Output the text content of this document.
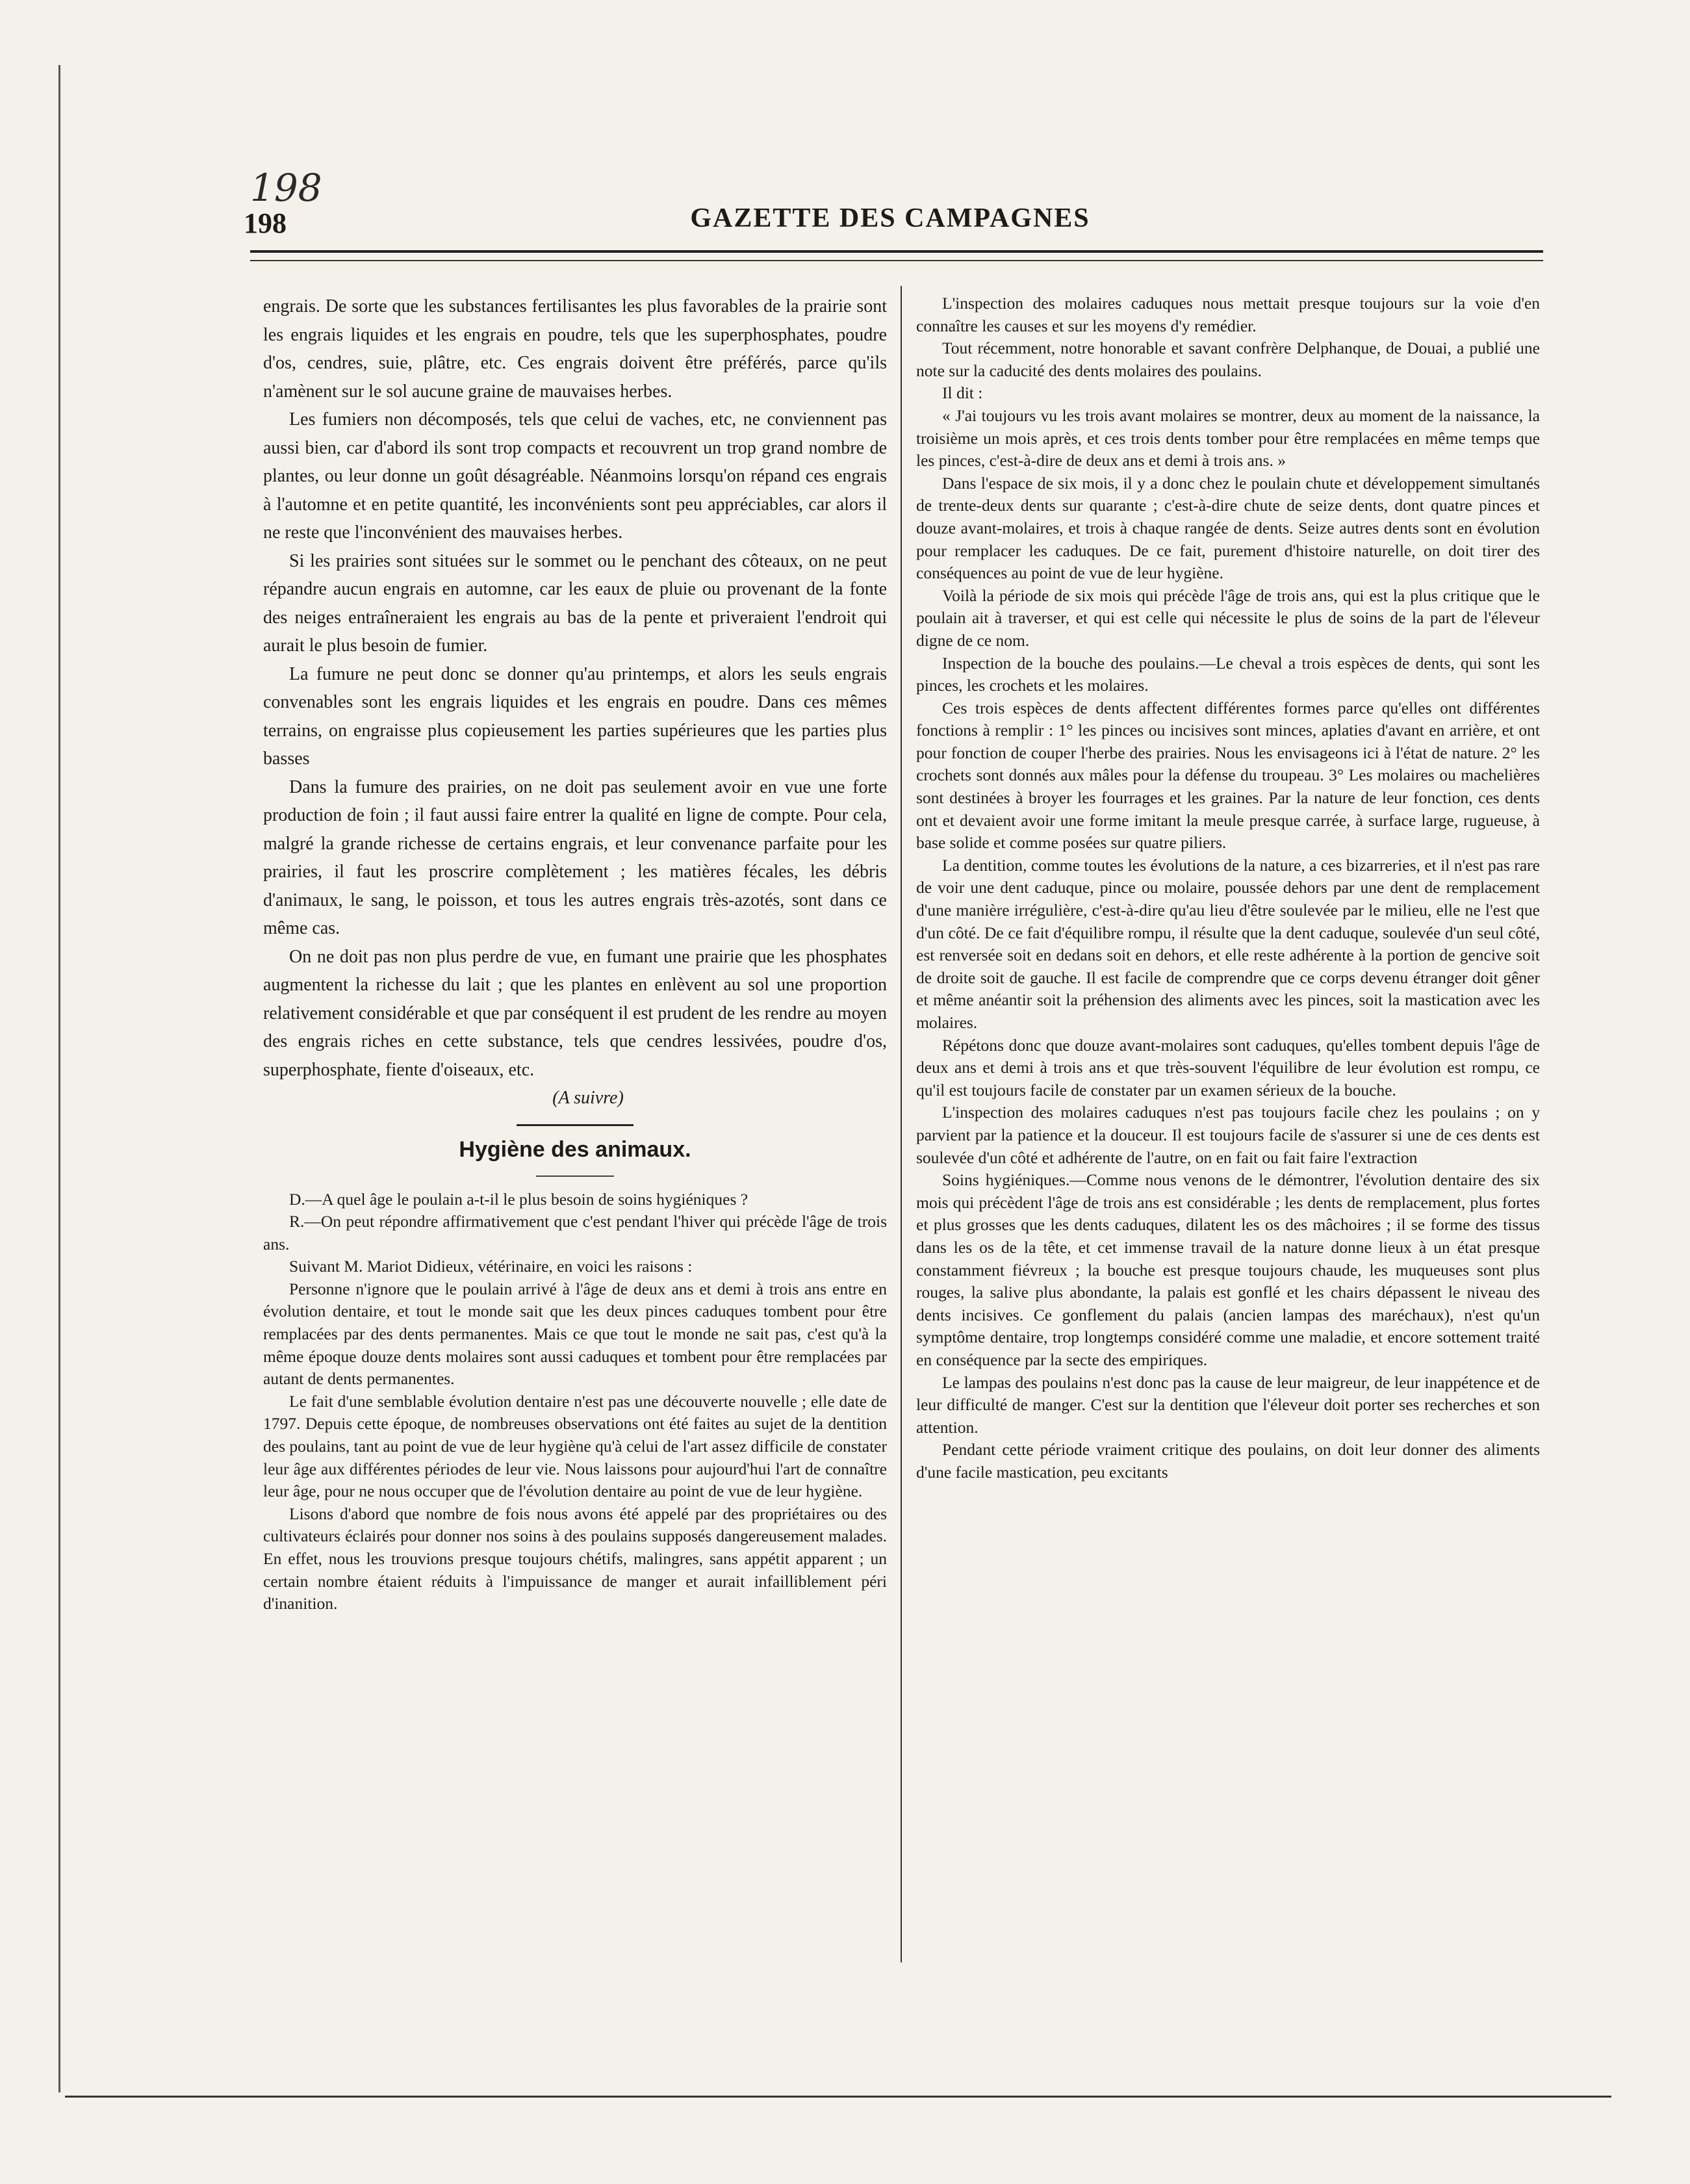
198
198	GAZETTE DES CAMPAGNES

engrais. De sorte que les substances fertilisantes les plus favorables de la prairie sont les engrais liquides et les engrais en poudre, tels que les superphosphates, poudre d'os, cendres, suie, plâtre, etc. Ces engrais doivent être préférés, parce qu'ils n'amènent sur le sol aucune graine de mauvaises herbes.

Les fumiers non décomposés, tels que celui de vaches, etc, ne conviennent pas aussi bien, car d'abord ils sont trop compacts et recouvrent un trop grand nombre de plantes, ou leur donne un goût désagréable. Néanmoins lorsqu'on répand ces engrais à l'automne et en petite quantité, les inconvénients sont peu appréciables, car alors il ne reste que l'inconvénient des mauvaises herbes.

Si les prairies sont situées sur le sommet ou le penchant des côteaux, on ne peut répandre aucun engrais en automne, car les eaux de pluie ou provenant de la fonte des neiges entraîneraient les engrais au bas de la pente et priveraient l'endroit qui aurait le plus besoin de fumier.

La fumure ne peut donc se donner qu'au printemps, et alors les seuls engrais convenables sont les engrais liquides et les engrais en poudre. Dans ces mêmes terrains, on engraisse plus copieusement les parties supérieures que les parties plus basses

Dans la fumure des prairies, on ne doit pas seulement avoir en vue une forte production de foin ; il faut aussi faire entrer la qualité en ligne de compte. Pour cela, malgré la grande richesse de certains engrais, et leur convenance parfaite pour les prairies, il faut les proscrire complètement ; les matières fécales, les débris d'animaux, le sang, le poisson, et tous les autres engrais très-azotés, sont dans ce même cas.

On ne doit pas non plus perdre de vue, en fumant une prairie que les phosphates augmentent la richesse du lait ; que les plantes en enlèvent au sol une proportion relativement considérable et que par conséquent il est prudent de les rendre au moyen des engrais riches en cette substance, tels que cendres lessivées, poudre d'os, superphosphate, fiente d'oiseaux, etc.

(A suivre)

Hygiène des animaux.

D.—A quel âge le poulain a-t-il le plus besoin de soins hygiéniques ?

R.—On peut répondre affirmativement que c'est pendant l'hiver qui précède l'âge de trois ans.

Suivant M. Mariot Didieux, vétérinaire, en voici les raisons :

Personne n'ignore que le poulain arrivé à l'âge de deux ans et demi à trois ans entre en évolution dentaire, et tout le monde sait que les deux pinces caduques tombent pour être remplacées par des dents permanentes. Mais ce que tout le monde ne sait pas, c'est qu'à la même époque douze dents molaires sont aussi caduques et tombent pour être remplacées par autant de dents permanentes.

Le fait d'une semblable évolution dentaire n'est pas une découverte nouvelle ; elle date de 1797. Depuis cette époque, de nombreuses observations ont été faites au sujet de la dentition des poulains, tant au point de vue de leur hygiène qu'à celui de l'art assez difficile de constater leur âge aux différentes périodes de leur vie. Nous laissons pour aujourd'hui l'art de connaître leur âge, pour ne nous occuper que de l'évolution dentaire au point de vue de leur hygiène.

Lisons d'abord que nombre de fois nous avons été appelé par des propriétaires ou des cultivateurs éclairés pour donner nos soins à des poulains supposés dangereusement malades. En effet, nous les trouvions presque toujours chétifs, malingres, sans appétit apparent ; un certain nombre étaient réduits à l'impuissance de manger et aurait infailliblement péri d'inanition.

L'inspection des molaires caduques nous mettait presque toujours sur la voie d'en connaître les causes et sur les moyens d'y remédier.

Tout récemment, notre honorable et savant confrère Delphanque, de Douai, a publié une note sur la caducité des dents molaires des poulains.

Il dit :

« J'ai toujours vu les trois avant molaires se montrer, deux au moment de la naissance, la troisième un mois après, et ces trois dents tomber pour être remplacées en même temps que les pinces, c'est-à-dire de deux ans et demi à trois ans. »

Dans l'espace de six mois, il y a donc chez le poulain chute et développement simultanés de trente-deux dents sur quarante ; c'est-à-dire chute de seize dents, dont quatre pinces et douze avant-molaires, et trois à chaque rangée de dents. Seize autres dents sont en évolution pour remplacer les caduques. De ce fait, purement d'histoire naturelle, on doit tirer des conséquences au point de vue de leur hygiène.

Voilà la période de six mois qui précède l'âge de trois ans, qui est la plus critique que le poulain ait à traverser, et qui est celle qui nécessite le plus de soins de la part de l'éleveur digne de ce nom.

Inspection de la bouche des poulains.—Le cheval a trois espèces de dents, qui sont les pinces, les crochets et les molaires.

Ces trois espèces de dents affectent différentes formes parce qu'elles ont différentes fonctions à remplir : 1° les pinces ou incisives sont minces, aplaties d'avant en arrière, et ont pour fonction de couper l'herbe des prairies. Nous les envisageons ici à l'état de nature. 2° les crochets sont donnés aux mâles pour la défense du troupeau. 3° Les molaires ou machelières sont destinées à broyer les fourrages et les graines. Par la nature de leur fonction, ces dents ont et devaient avoir une forme imitant la meule presque carrée, à surface large, rugueuse, à base solide et comme posées sur quatre piliers.

La dentition, comme toutes les évolutions de la nature, a ces bizarreries, et il n'est pas rare de voir une dent caduque, pince ou molaire, poussée dehors par une dent de remplacement d'une manière irrégulière, c'est-à-dire qu'au lieu d'être soulevée par le milieu, elle ne l'est que d'un côté. De ce fait d'équilibre rompu, il résulte que la dent caduque, soulevée d'un seul côté, est renversée soit en dedans soit en dehors, et elle reste adhérente à la portion de gencive soit de droite soit de gauche. Il est facile de comprendre que ce corps devenu étranger doit gêner et même anéantir soit la préhension des aliments avec les pinces, soit la mastication avec les molaires.

Répétons donc que douze avant-molaires sont caduques, qu'elles tombent depuis l'âge de deux ans et demi à trois ans et que très-souvent l'équilibre de leur évolution est rompu, ce qu'il est toujours facile de constater par un examen sérieux de la bouche.

L'inspection des molaires caduques n'est pas toujours facile chez les poulains ; on y parvient par la patience et la douceur. Il est toujours facile de s'assurer si une de ces dents est soulevée d'un côté et adhérente de l'autre, on en fait ou fait faire l'extraction

Soins hygiéniques.—Comme nous venons de le démontrer, l'évolution dentaire des six mois qui précèdent l'âge de trois ans est considérable ; les dents de remplacement, plus fortes et plus grosses que les dents caduques, dilatent les os des mâchoires ; il se forme des tissus dans les os de la tête, et cet immense travail de la nature donne lieux à un état presque constamment fiévreux ; la bouche est presque toujours chaude, les muqueuses sont plus rouges, la salive plus abondante, la palais est gonflé et les chairs dépassent le niveau des dents incisives. Ce gonflement du palais (ancien lampas des maréchaux), n'est qu'un symptôme dentaire, trop longtemps considéré comme une maladie, et encore sottement traité en conséquence par la secte des empiriques.

Le lampas des poulains n'est donc pas la cause de leur maigreur, de leur inappétence et de leur difficulté de manger. C'est sur la dentition que l'éleveur doit porter ses recherches et son attention.

Pendant cette période vraiment critique des poulains, on doit leur donner des aliments d'une facile mastication, peu excitants
